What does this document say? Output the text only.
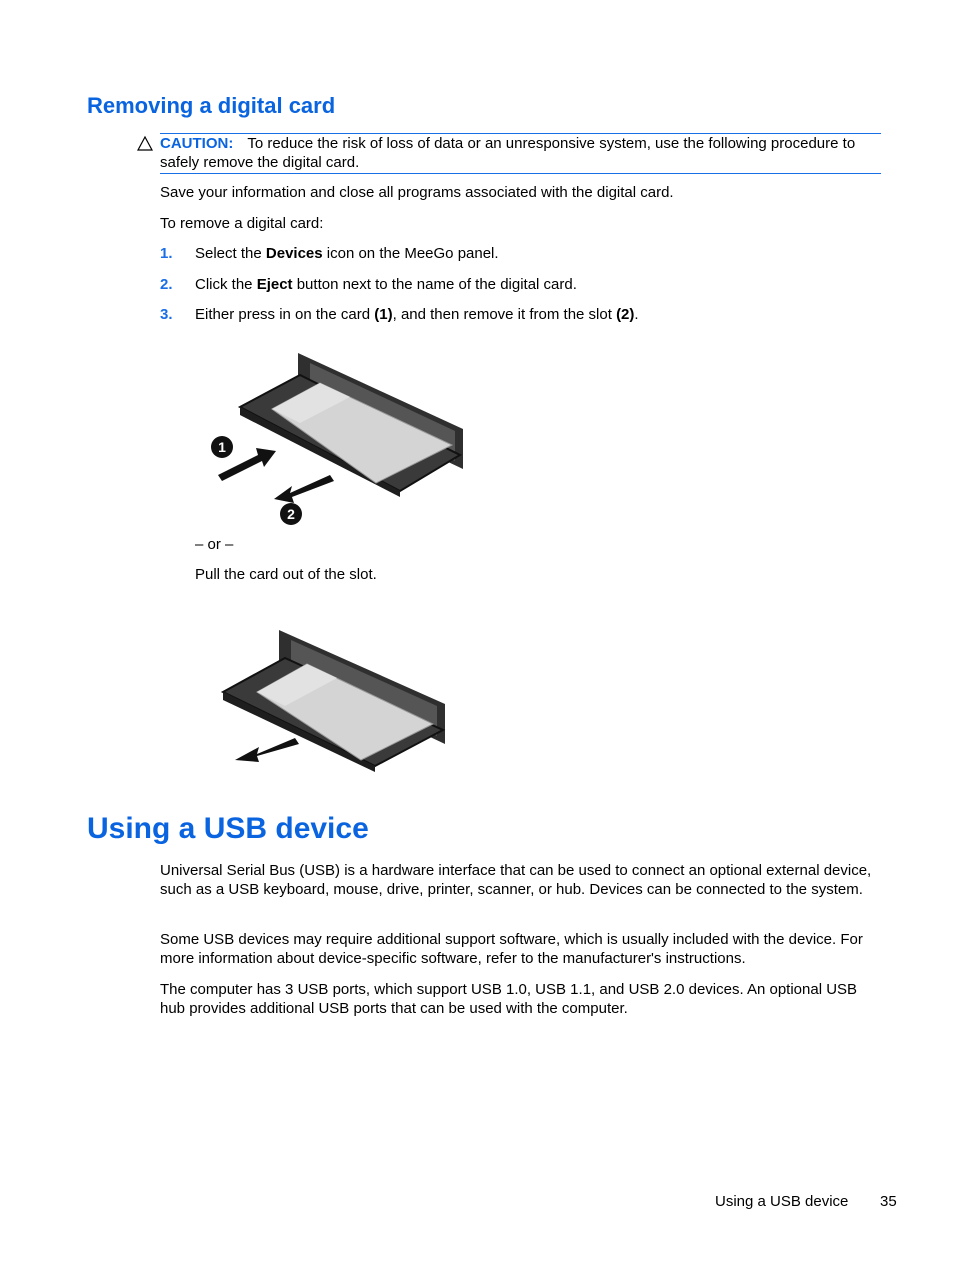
Removing a digital card
CAUTION: To reduce the risk of loss of data or an unresponsive system, use the following procedure to safely remove the digital card.
Save your information and close all programs associated with the digital card.
To remove a digital card:
1. Select the Devices icon on the MeeGo panel.
2. Click the Eject button next to the name of the digital card.
3. Either press in on the card (1), and then remove it from the slot (2).
1
2
– or –
Pull the card out of the slot.
Using a USB device
Universal Serial Bus (USB) is a hardware interface that can be used to connect an optional external device, such as a USB keyboard, mouse, drive, printer, scanner, or hub. Devices can be connected to the system.
Some USB devices may require additional support software, which is usually included with the device. For more information about device-specific software, refer to the manufacturer's instructions.
The computer has 3 USB ports, which support USB 1.0, USB 1.1, and USB 2.0 devices. An optional USB hub provides additional USB ports that can be used with the computer.
Using a USB device 35
